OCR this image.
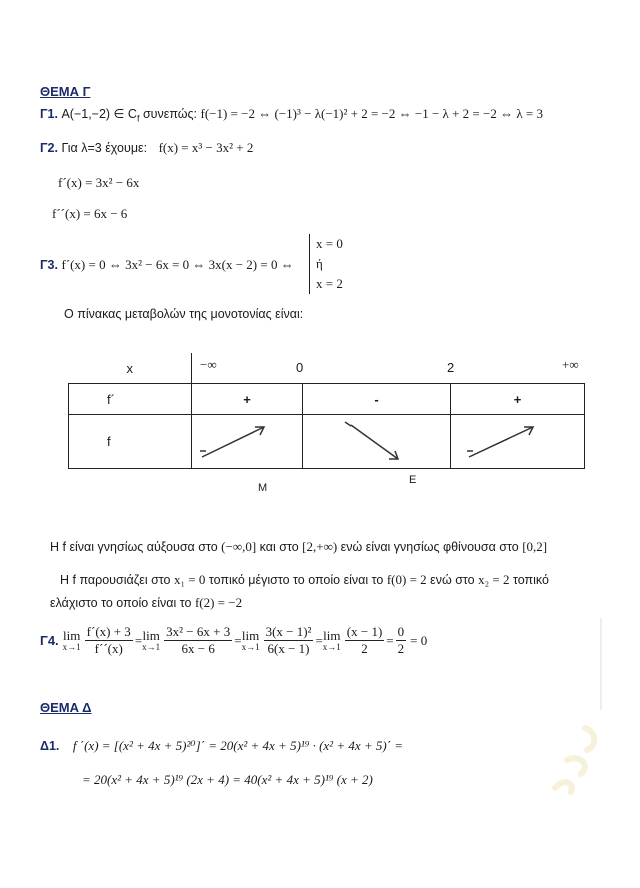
ΘΕΜΑ Γ
Γ1. A(−1,−2) ∈ $C_f$ συνεπώς: f(−1) = −2 ⇔ (−1)³ − λ(−1)² + 2 = −2 ⇔ −1 − λ + 2 = −2 ⇔ λ = 3
Γ2. Για λ=3 έχουμε: f(x) = x³ − 3x² + 2
f´(x) = 3x² − 6x
f´´(x) = 6x − 6
Γ3. f´(x) = 0 ⇔ 3x² − 6x = 0 ⇔ 3x(x − 2) = 0 ⇔
x = 0
ή
x = 2
Ο πίνακας μεταβολών της μονοτονίας είναι:
x	−∞ 0 2 +∞		

f´	+	-	+
f			
Μ
Ε
Η f είναι γνησίως αύξουσα στο (−∞,0] και στο [2,+∞) ενώ είναι γνησίως φθίνουσα στο [0,2]
Η f παρουσιάζει στο x₁ = 0 τοπικό μέγιστο το οποίο είναι το f(0) = 2 ενώ στο x₂ = 2 τοπικό
ελάχιστο το οποίο είναι το f(2) = −2
Γ4. lim
$x\to 1 \frac{f´(x) + 3}{f´´(x)} = \lim$
$x\to 1 \frac{\text{3x² − 6x + 3}}{6x - 6} = \lim$
$x\to 1 \frac{\text{3(x − 1)²}}{6(x - 1)} = \lim$
$x\to 1 \frac{(x - 1)}{2} = \frac{0}{2} = 0$
ΘΕΜΑ Δ
Δ1. f ΄(x) = [(x² + 4x + 5)²⁰]΄ = 20(x² + 4x + 5)¹⁹ · (x² + 4x + 5)΄ =
= 20(x² + 4x + 5)¹⁹ (2x + 4) = 40(x² + 4x + 5)¹⁹ (x + 2)
